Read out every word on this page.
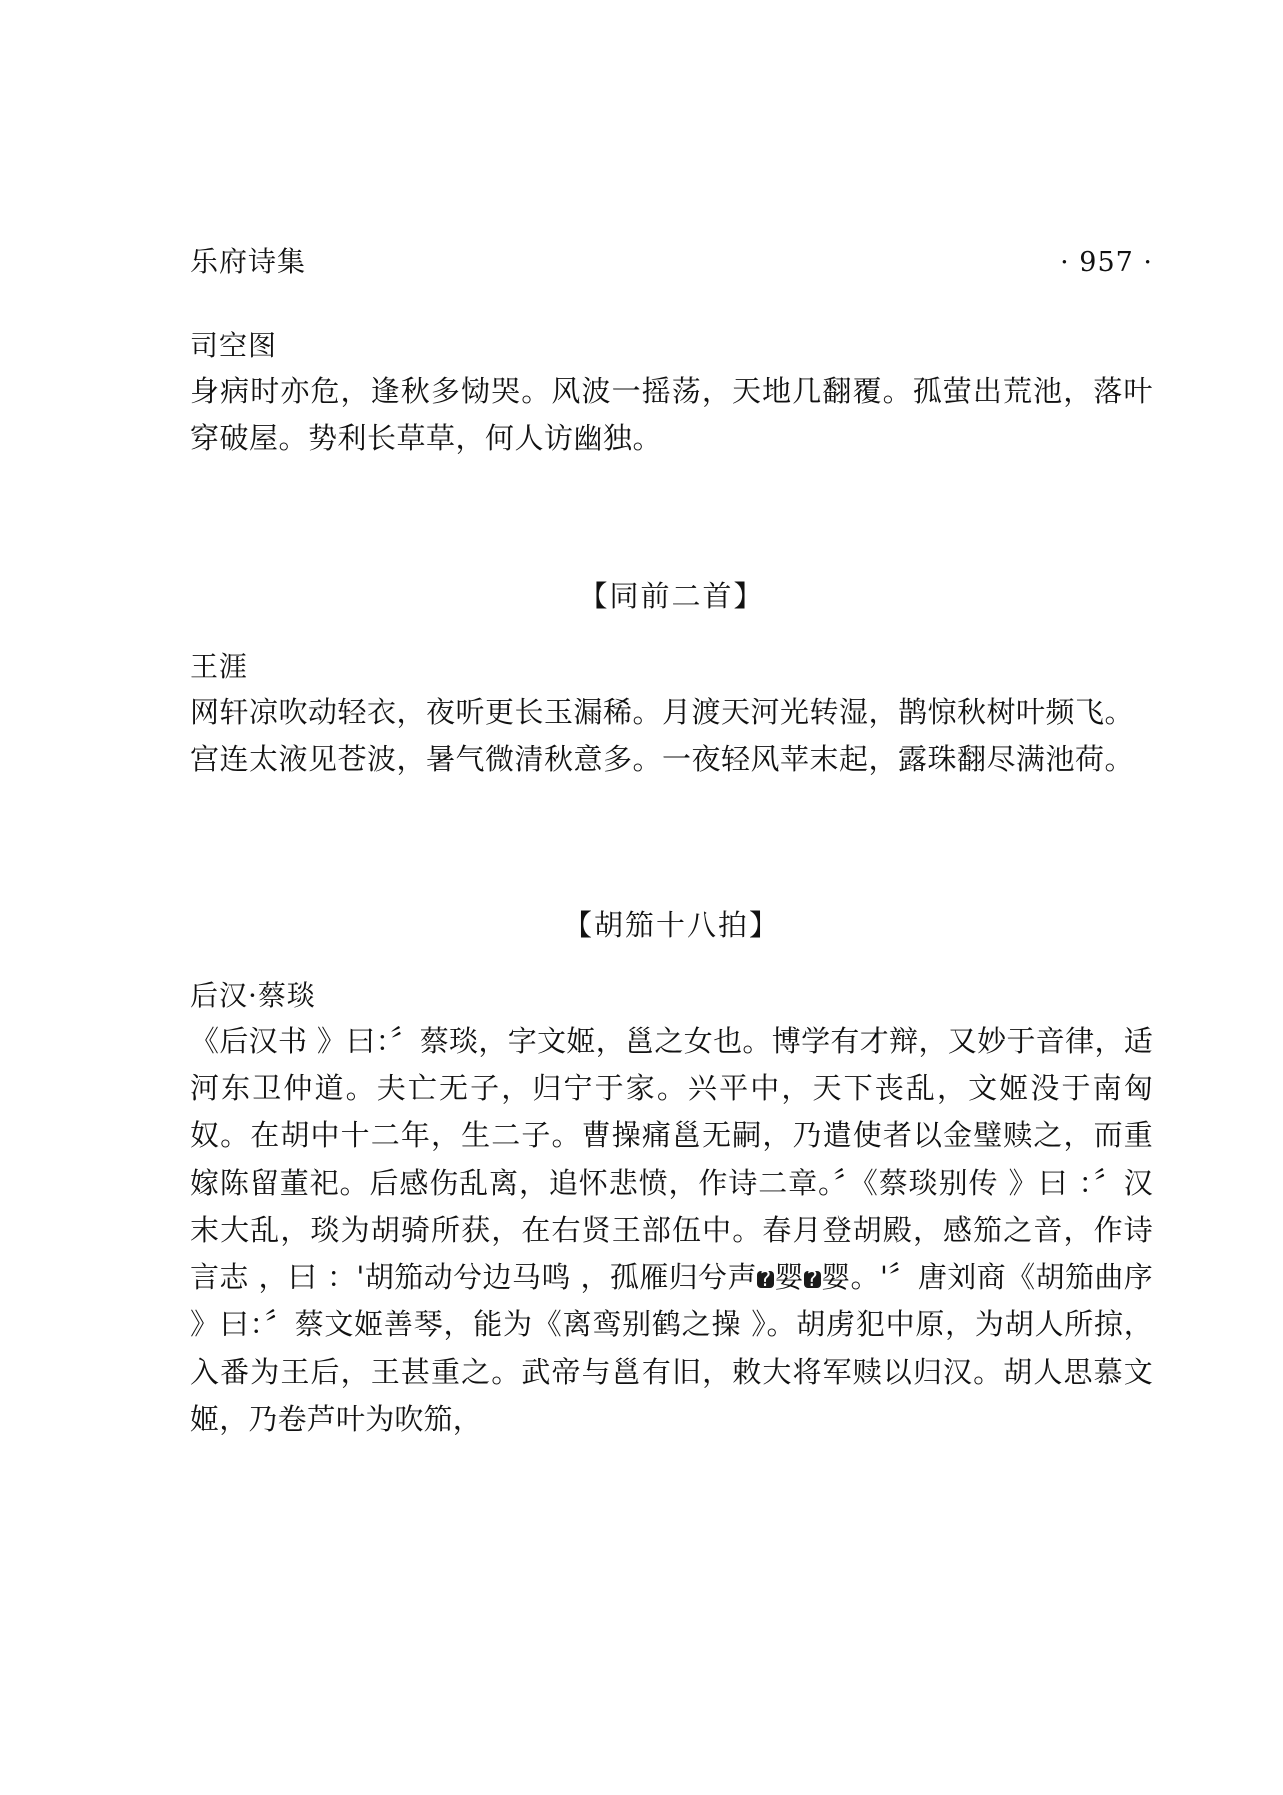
乐府诗集	· 957 ·
司空图

身病时亦危，逢秋多恸哭。风波一摇荡，天地几翻覆。孤萤出荒池，落叶穿破屋。势利长草草，何人访幽独。

【同前二首】
王涯

网轩凉吹动轻衣，夜听更长玉漏稀。月渡天河光转湿，鹊惊秋树叶频飞。

宫连太液见苍波，暑气微清秋意多。一夜轻风苹末起，露珠翻尽满池荷。

【胡笳十八拍】
后汉·蔡琰

《后汉书 》曰：〞蔡琰，字文姬，邕之女也。博学有才辩，又妙于音律，适河东卫仲道。夫亡无子，归宁于家。兴平中，天下丧乱，文姬没于南匈奴。在胡中十二年，生二子。曹操痛邕无嗣，乃遣使者以金璧赎之，而重嫁陈留董祀。后感伤乱离，追怀悲愤，作诗二章。〞《蔡琰别传 》曰 ：〞汉末大乱，琰为胡骑所获，在右贤王部伍中。春月登胡殿，感笳之音，作诗言志 ，曰 ：'胡笳动兮边马鸣 ，孤雁归兮声 ? 婴 ? 婴。'〞唐刘商《胡笳曲序 》曰：〞蔡文姬善琴，能为《离鸾别鹤之操 》。胡虏犯中原，为胡人所掠，入番为王后，王甚重之。武帝与邕有旧，敕大将军赎以归汉。胡人思慕文姬，乃卷芦叶为吹笳，
